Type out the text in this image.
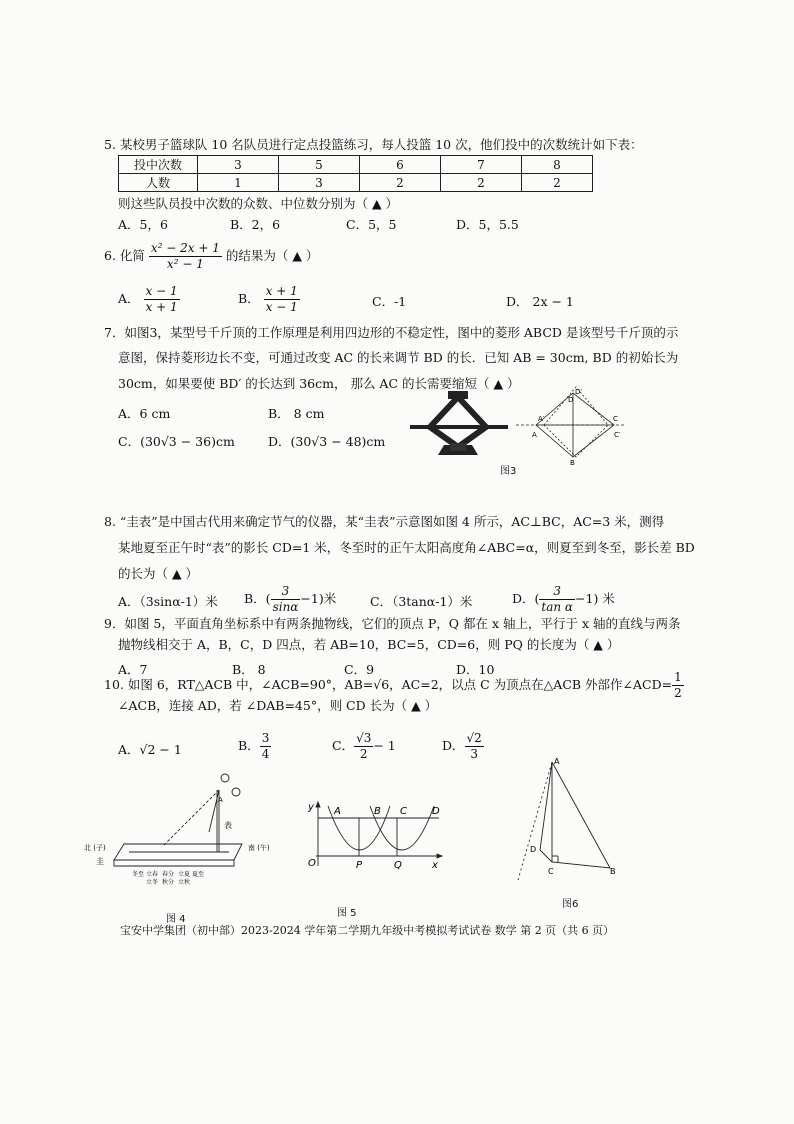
5. 某校男子篮球队 10 名队员进行定点投篮练习，每人投篮 10 次，他们投中的次数统计如下表：
投中次数	3	5	6	7	8
人数	1	3	2	2	2
则这些队员投中次数的众数、中位数分别为（ ▲ ）
A．5，6	B．2，6	C．5，5	D．5，5.5
6. 化简 $\frac{\text{x² − 2x + 1}}{\text{x² − 1}}$ 的结果为（ ▲ ）
A． $\frac{x - 1}{x + 1}$	B． $\frac{x + 1}{x - 1}$	C．-1	D． 2x − 1
7．如图3，某型号千斤顶的工作原理是利用四边形的不稳定性，图中的菱形 ABCD 是该型号千斤顶的示
意图，保持菱形边长不变，可通过改变 AC 的长来调节 BD 的长．已知 AB = 30cm, BD 的初始长为
30cm，如果要使 BD′ 的长达到 36cm， 那么 AC 的长需要缩短（ ▲ ）
A．6 cm	B． 8 cm
C．(30√3 − 36)cm	D．(30√3 − 48)cm
D′
D
A′
A
C
C′
B
图3
8. “圭表”是中国古代用来确定节气的仪器，某“圭表”示意图如图 4 所示，AC⊥BC，AC=3 米，测得
某地夏至正午时“表”的影长 CD=1 米，冬至时的正午太阳高度角∠ABC=α，则夏至到冬至，影长差 BD
的长为（ ▲ ）
A．（3sinα-1）米 B．( $\frac{3}{\sin\alpha} -1$)米	C．（3tanα-1）米	D．( $\frac{3}{\text{tan α}} -1$) 米
9．如图 5，平面直角坐标系中有两条抛物线，它们的顶点 P，Q 都在 x 轴上，平行于 x 轴的直线与两条
抛物线相交于 A，B，C，D 四点，若 AB=10，BC=5，CD=6，则 PQ 的长度为（ ▲ ）
A．7	B． 8	C．9	D．10
10. 如图 6，RT△ACB 中，∠ACB=90°，AB=√6，AC=2，以点 C 为顶点在△ACB 外部作∠ACD= $\frac{1}{2}$
∠ACB，连接 AD，若 ∠DAB=45°，则 CD 长为（ ▲ ）
A．√2 − 1	B． $\frac{3}{4}$	C． $\frac{√3}{2} - 1$	D． $\frac{√2}{3}$
A
表
北 (子)	南 (午)
圭
冬至 立春 春分 立夏 夏至
立冬 秋分 立秋
图 4
y A	B C	D
O	P	Q	x
图 5
A
D
C	B
图6
宝安中学集团（初中部）2023-2024 学年第二学期九年级中考模拟考试试卷 数学 第 2 页（共 6 页）
